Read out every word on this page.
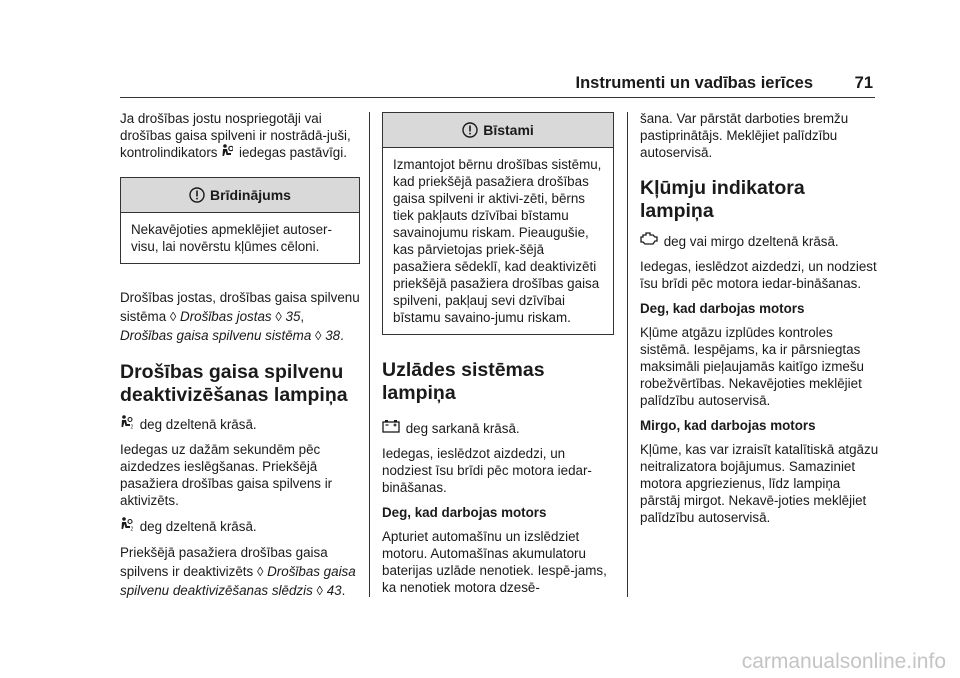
Instrumenti un vadības ierīces	71

Ja drošības jostu nospriegotāji vai drošības gaisa spilveni ir nostrādā-juši, kontrolindikators iedegas pastāvīgi.

Brīdinājums

Nekavējoties apmeklējiet autoser-visu, lai novērstu kļūmes cēloni.

Drošības jostas, drošības gaisa spilvenu sistēma ◊ Drošības jostas ◊ 35, Drošības gaisa spilvenu sistēma ◊ 38.

Drošības gaisa spilvenu deaktivizēšanas lampiņa

2 deg dzeltenā krāsā.

Iedegas uz dažām sekundēm pēc aizdedzes ieslēgšanas. Priekšējā pasažiera drošības gaisa spilvens ir aktivizēts.

2 deg dzeltenā krāsā.

Priekšējā pasažiera drošības gaisa spilvens ir deaktivizēts ◊ Drošības gaisa spilvenu deaktivizēšanas slēdzis ◊ 43.

Bīstami

Izmantojot bērnu drošības sistēmu, kad priekšējā pasažiera drošības gaisa spilveni ir aktivi-zēti, bērns tiek pakļauts dzīvībai bīstamu savainojumu riskam. Pieaugušie, kas pārvietojas priek-šējā pasažiera sēdeklī, kad deaktivizēti priekšējā pasažiera drošības gaisa spilveni, pakļauj sevi dzīvībai bīstamu savaino-jumu riskam.

Uzlādes sistēmas lampiņa

deg sarkanā krāsā.

Iedegas, ieslēdzot aizdedzi, un nodziest īsu brīdi pēc motora iedar-bināšanas.

Deg, kad darbojas motors

Apturiet automašīnu un izslēdziet motoru. Automašīnas akumulatoru baterijas uzlāde nenotiek. Iespē-jams, ka nenotiek motora dzesē-

šana. Var pārstāt darboties bremžu pastiprinātājs. Meklējiet palīdzību autoservisā.

Kļūmju indikatora lampiņa

deg vai mirgo dzeltenā krāsā.

Iedegas, ieslēdzot aizdedzi, un nodziest īsu brīdi pēc motora iedar-bināšanas.

Deg, kad darbojas motors

Kļūme atgāzu izplūdes kontroles sistēmā. Iespējams, ka ir pārsniegtas maksimāli pieļaujamās kaitīgo izmešu robežvērtības. Nekavējoties meklējiet palīdzību autoservisā.

Mirgo, kad darbojas motors

Kļūme, kas var izraisīt katalītiskā atgāzu neitralizatora bojājumus. Samaziniet motora apgriezienus, līdz lampiņa pārstāj mirgot. Nekavē-joties meklējiet palīdzību autoservisā.

carmanualsonline.info
